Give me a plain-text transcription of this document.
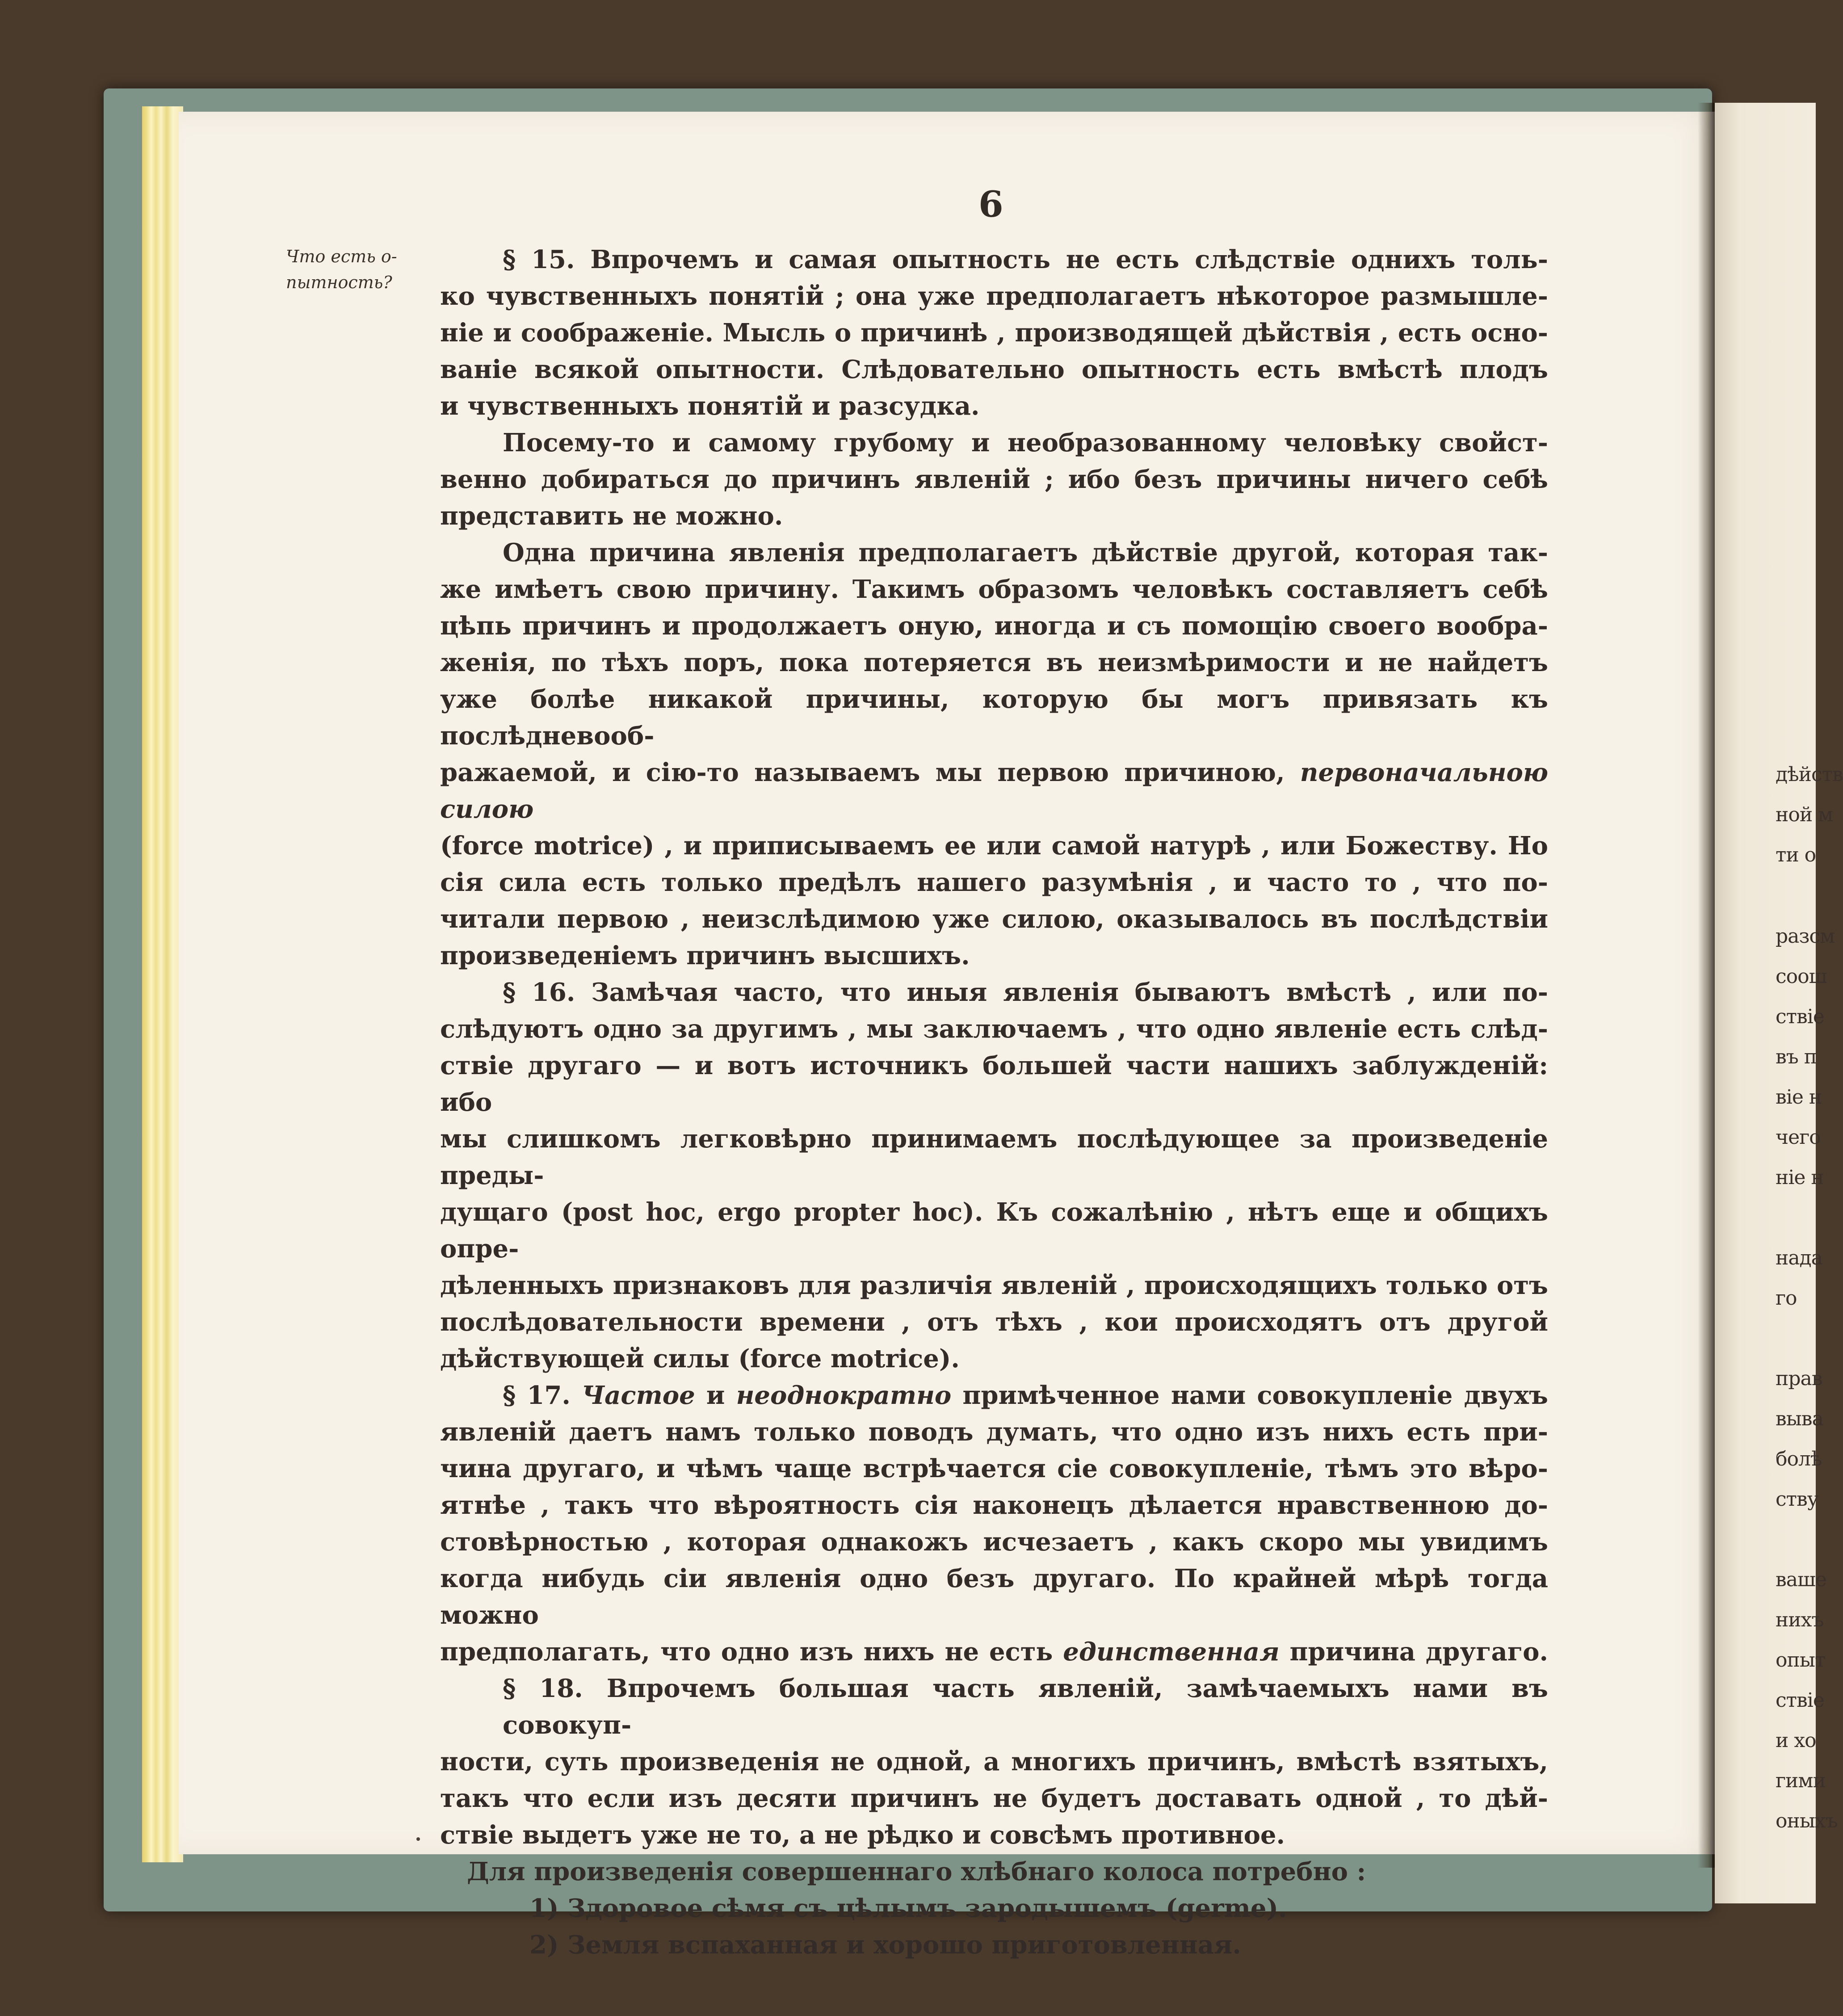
дѣйств
ной м
ти о
разсм
соош
ствіе
въ п
віе н
чего
ніе н
нада
го
прав
выва
болѣ
ству
ваше
нихъ
опыт
ствіе
и хо
гими
оныхъ
6
Что есть о-
пытность?
§ 15. Впрочемъ и самая опытность не есть слѣдствіе однихъ толь-
ко чувственныхъ понятій ; она уже предполагаетъ нѣкоторое размышле-
ніе и соображеніе. Мысль о причинѣ , производящей дѣйствія , есть осно-
ваніе всякой опытности. Слѣдовательно опытность есть вмѣстѣ плодъ
и чувственныхъ понятій и разсудка.
Посему-то и самому грубому и необразованному человѣку свойст-
венно добираться до причинъ явленій ; ибо безъ причины ничего себѣ
представить не можно.
Одна причина явленія предполагаетъ дѣйствіе другой, которая так-
же имѣетъ свою причину. Такимъ образомъ человѣкъ составляетъ себѣ
цѣпь причинъ и продолжаетъ оную, иногда и съ помощію своего вообра-
женія, по тѣхъ поръ, пока потеряется въ неизмѣримости и не найдетъ
уже болѣе никакой причины, которую бы могъ привязать къ послѣдневооб-
ражаемой, и сію-то называемъ мы первою причиною, первоначальною силою
(force motrice) , и приписываемъ ее или самой натурѣ , или Божеству. Но
сія сила есть только предѣлъ нашего разумѣнія , и часто то , что по-
читали первою , неизслѣдимою уже силою, оказывалось въ послѣдствіи
произведеніемъ причинъ высшихъ.
§ 16. Замѣчая часто, что иныя явленія бываютъ вмѣстѣ , или по-
слѣдуютъ одно за другимъ , мы заключаемъ , что одно явленіе есть слѣд-
ствіе другаго — и вотъ источникъ большей части нашихъ заблужденій: ибо
мы слишкомъ легковѣрно принимаемъ послѣдующее за произведеніе преды-
дущаго (post hoc, ergo propter hoc). Къ сожалѣнію , нѣтъ еще и общихъ опре-
дѣленныхъ признаковъ для различія явленій , происходящихъ только отъ
послѣдовательности времени , отъ тѣхъ , кои происходятъ отъ другой
дѣйствующей силы (force motrice).
§ 17. Частое и неоднократно примѣченное нами совокупленіе двухъ
явленій даетъ намъ только поводъ думать, что одно изъ нихъ есть при-
чина другаго, и чѣмъ чаще встрѣчается сіе совокупленіе, тѣмъ это вѣро-
ятнѣе , такъ что вѣроятность сія наконецъ дѣлается нравственною до-
стовѣрностью , которая однакожъ исчезаетъ , какъ скоро мы увидимъ
когда нибудь сіи явленія одно безъ другаго. По крайней мѣрѣ тогда можно
предполагать, что одно изъ нихъ не есть единственная причина другаго.
§ 18. Впрочемъ большая часть явленій, замѣчаемыхъ нами въ совокуп-
ности, суть произведенія не одной, а многихъ причинъ, вмѣстѣ взятыхъ,
такъ что если изъ десяти причинъ не будетъ доставать одной , то дѣй-
ствіе выдетъ уже не то, а не рѣдко и совсѣмъ противное.
Для произведенія совершеннаго хлѣбнаго колоса потребно :
1) Здоровое сѣмя съ цѣлымъ зародышемъ (germe).
2) Земля вспаханная и хорошо приготовленная.
